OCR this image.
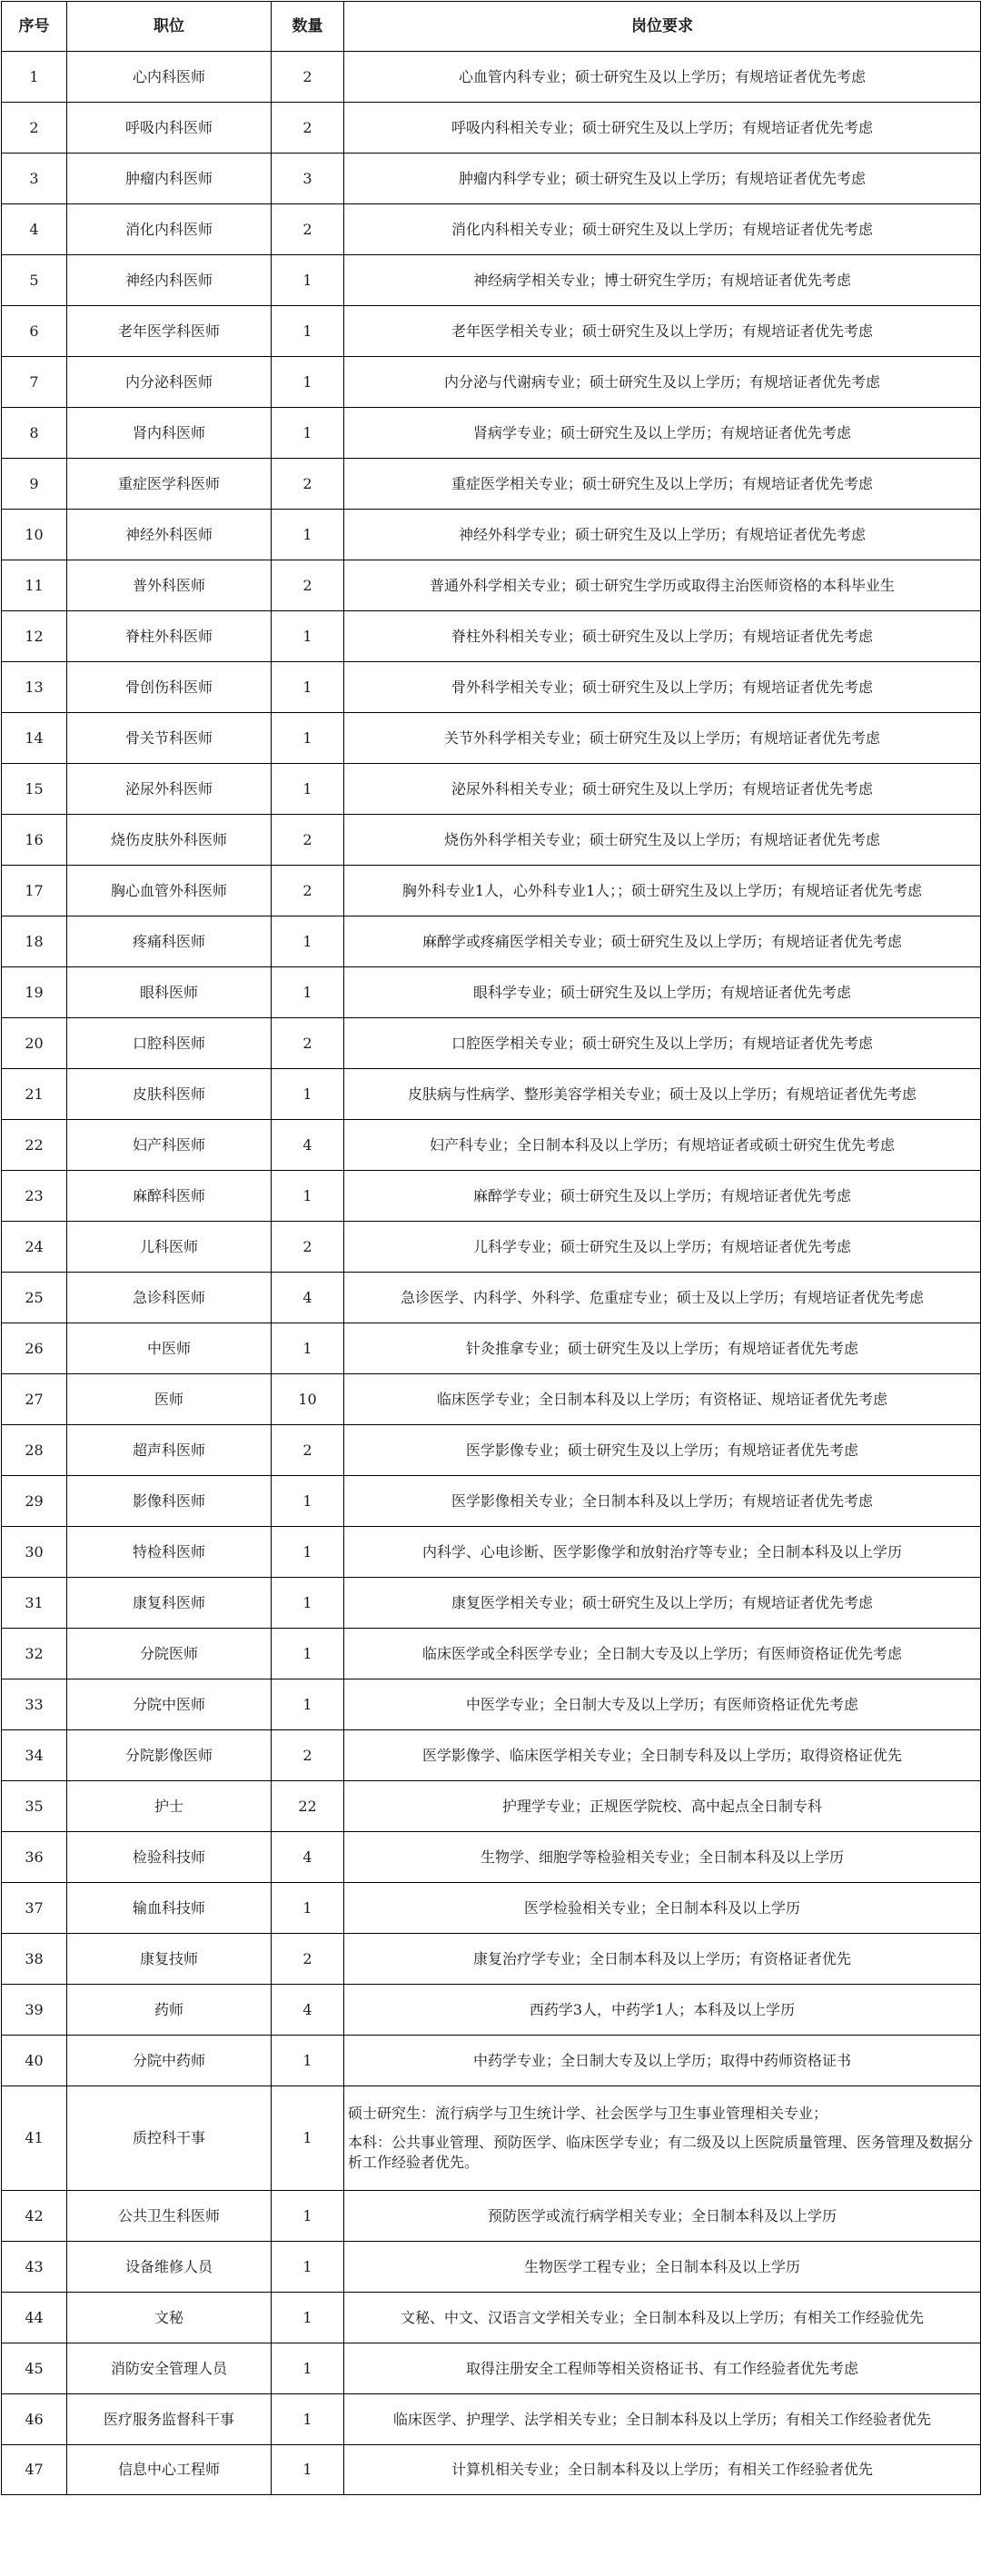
序号	职位	数量	岗位要求
1	心内科医师	2	心血管内科专业；硕士研究生及以上学历；有规培证者优先考虑
2	呼吸内科医师	2	呼吸内科相关专业；硕士研究生及以上学历；有规培证者优先考虑
3	肿瘤内科医师	3	肿瘤内科学专业；硕士研究生及以上学历；有规培证者优先考虑
4	消化内科医师	2	消化内科相关专业；硕士研究生及以上学历；有规培证者优先考虑
5	神经内科医师	1	神经病学相关专业；博士研究生学历；有规培证者优先考虑
6	老年医学科医师	1	老年医学相关专业；硕士研究生及以上学历；有规培证者优先考虑
7	内分泌科医师	1	内分泌与代谢病专业；硕士研究生及以上学历；有规培证者优先考虑
8	肾内科医师	1	肾病学专业；硕士研究生及以上学历；有规培证者优先考虑
9	重症医学科医师	2	重症医学相关专业；硕士研究生及以上学历；有规培证者优先考虑
10	神经外科医师	1	神经外科学专业；硕士研究生及以上学历；有规培证者优先考虑
11	普外科医师	2	普通外科学相关专业；硕士研究生学历或取得主治医师资格的本科毕业生
12	脊柱外科医师	1	脊柱外科相关专业；硕士研究生及以上学历；有规培证者优先考虑
13	骨创伤科医师	1	骨外科学相关专业；硕士研究生及以上学历；有规培证者优先考虑
14	骨关节科医师	1	关节外科学相关专业；硕士研究生及以上学历；有规培证者优先考虑
15	泌尿外科医师	1	泌尿外科相关专业；硕士研究生及以上学历；有规培证者优先考虑
16	烧伤皮肤外科医师	2	烧伤外科学相关专业；硕士研究生及以上学历；有规培证者优先考虑
17	胸心血管外科医师	2	胸外科专业1人，心外科专业1人；；硕士研究生及以上学历；有规培证者优先考虑
18	疼痛科医师	1	麻醉学或疼痛医学相关专业；硕士研究生及以上学历；有规培证者优先考虑
19	眼科医师	1	眼科学专业；硕士研究生及以上学历；有规培证者优先考虑
20	口腔科医师	2	口腔医学相关专业；硕士研究生及以上学历；有规培证者优先考虑
21	皮肤科医师	1	皮肤病与性病学、整形美容学相关专业；硕士及以上学历；有规培证者优先考虑
22	妇产科医师	4	妇产科专业；全日制本科及以上学历；有规培证者或硕士研究生优先考虑
23	麻醉科医师	1	麻醉学专业；硕士研究生及以上学历；有规培证者优先考虑
24	儿科医师	2	儿科学专业；硕士研究生及以上学历；有规培证者优先考虑
25	急诊科医师	4	急诊医学、内科学、外科学、危重症专业；硕士及以上学历；有规培证者优先考虑
26	中医师	1	针灸推拿专业；硕士研究生及以上学历；有规培证者优先考虑
27	医师	10	临床医学专业；全日制本科及以上学历；有资格证、规培证者优先考虑
28	超声科医师	2	医学影像专业；硕士研究生及以上学历；有规培证者优先考虑
29	影像科医师	1	医学影像相关专业；全日制本科及以上学历；有规培证者优先考虑
30	特检科医师	1	内科学、心电诊断、医学影像学和放射治疗等专业；全日制本科及以上学历
31	康复科医师	1	康复医学相关专业；硕士研究生及以上学历；有规培证者优先考虑
32	分院医师	1	临床医学或全科医学专业；全日制大专及以上学历；有医师资格证优先考虑
33	分院中医师	1	中医学专业；全日制大专及以上学历；有医师资格证优先考虑
34	分院影像医师	2	医学影像学、临床医学相关专业；全日制专科及以上学历；取得资格证优先
35	护士	22	护理学专业；正规医学院校、高中起点全日制专科
36	检验科技师	4	生物学、细胞学等检验相关专业；全日制本科及以上学历
37	输血科技师	1	医学检验相关专业；全日制本科及以上学历
38	康复技师	2	康复治疗学专业；全日制本科及以上学历；有资格证者优先
39	药师	4	西药学3人，中药学1人；本科及以上学历
40	分院中药师	1	中药学专业；全日制大专及以上学历；取得中药师资格证书
41	质控科干事	1	硕士研究生：流行病学与卫生统计学、社会医学与卫生事业管理相关专业；
本科：公共事业管理、预防医学、临床医学专业；有二级及以上医院质量管理、医务管理及数据分析工作经验者优先。

42	公共卫生科医师	1	预防医学或流行病学相关专业；全日制本科及以上学历
43	设备维修人员	1	生物医学工程专业；全日制本科及以上学历
44	文秘	1	文秘、中文、汉语言文学相关专业；全日制本科及以上学历；有相关工作经验优先
45	消防安全管理人员	1	取得注册安全工程师等相关资格证书、有工作经验者优先考虑
46	医疗服务监督科干事	1	临床医学、护理学、法学相关专业；全日制本科及以上学历；有相关工作经验者优先
47	信息中心工程师	1	计算机相关专业；全日制本科及以上学历；有相关工作经验者优先
